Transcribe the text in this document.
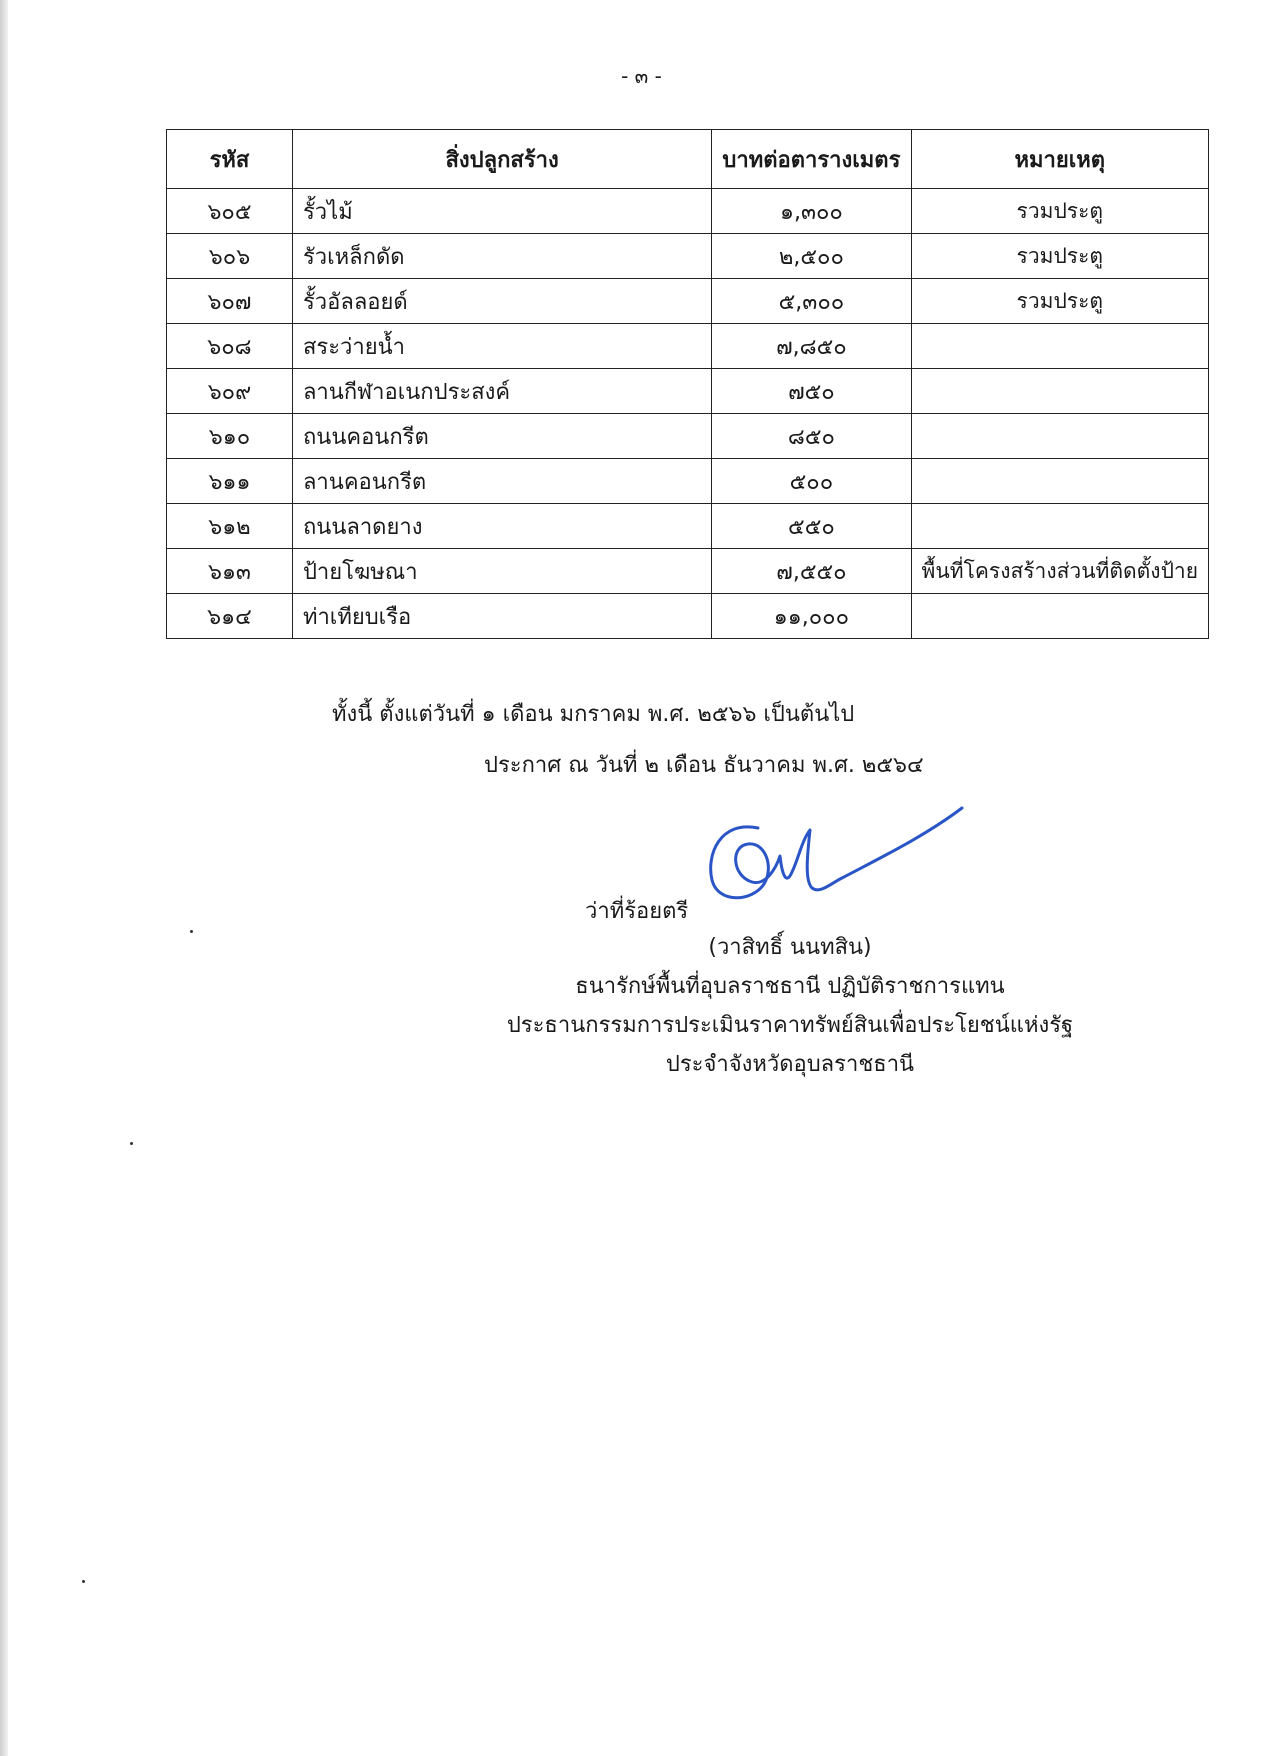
- ๓ -
รหัส	สิ่งปลูกสร้าง	บาทต่อตารางเมตร	หมายเหตุ
๖๐๕	รั้วไม้	๑,๓๐๐	รวมประตู
๖๐๖	รัวเหล็กดัด	๒,๕๐๐	รวมประตู
๖๐๗	รั้วอัลลอยด์	๕,๓๐๐	รวมประตู
๖๐๘	สระว่ายน้ำ	๗,๘๕๐	
๖๐๙	ลานกีฬาอเนกประสงค์	๗๕๐	
๖๑๐	ถนนคอนกรีต	๘๕๐	
๖๑๑	ลานคอนกรีต	๕๐๐	
๖๑๒	ถนนลาดยาง	๕๕๐	
๖๑๓	ป้ายโฆษณา	๗,๕๕๐	พื้นที่โครงสร้างส่วนที่ติดตั้งป้าย
๖๑๔	ท่าเทียบเรือ	๑๑,๐๐๐	
ทั้งนี้ ตั้งแต่วันที่ ๑ เดือน มกราคม พ.ศ. ๒๕๖๖ เป็นต้นไป
ประกาศ ณ วันที่ ๒ เดือน ธันวาคม พ.ศ. ๒๕๖๔
ว่าที่ร้อยตรี
(วาสิทธิ์ นนทสิน)
ธนารักษ์พื้นที่อุบลราชธานี ปฏิบัติราชการแทน
ประธานกรรมการประเมินราคาทรัพย์สินเพื่อประโยชน์แห่งรัฐ
ประจำจังหวัดอุบลราชธานี
